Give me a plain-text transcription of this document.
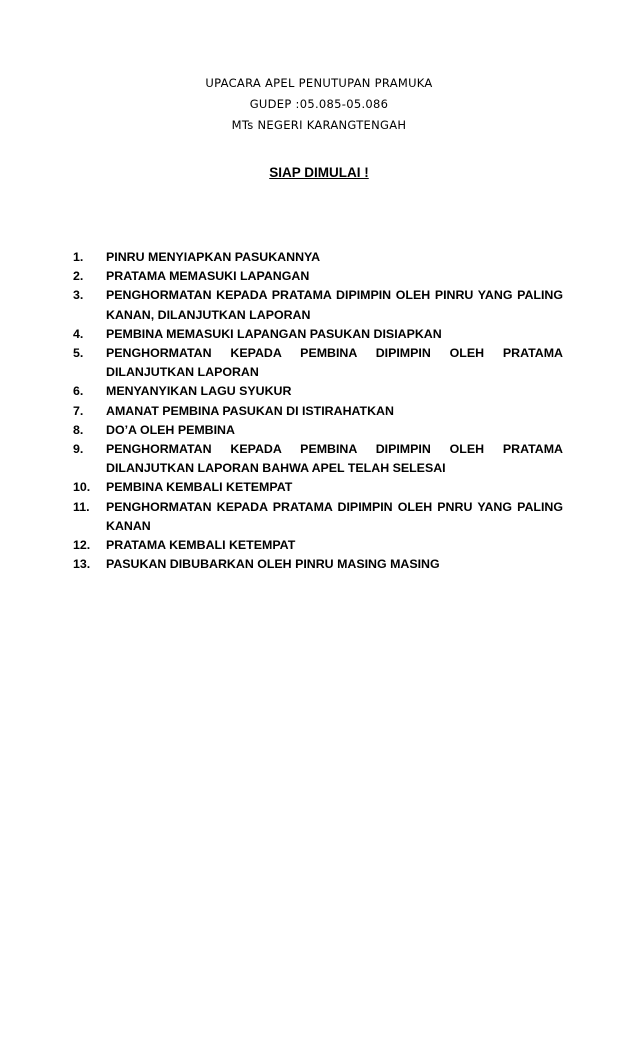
UPACARA APEL PENUTUPAN PRAMUKA
GUDEP :05.085-05.086
MTs NEGERI KARANGTENGAH
SIAP DIMULAI !
1.	PINRU MENYIAPKAN PASUKANNYA
2.	PRATAMA MEMASUKI LAPANGAN
3.	PENGHORMATAN KEPADA PRATAMA DIPIMPIN OLEH PINRU YANG PALING
KANAN, DILANJUTKAN LAPORAN
4.	PEMBINA MEMASUKI LAPANGAN PASUKAN DISIAPKAN
5.	PENGHORMATAN KEPADA PEMBINA DIPIMPIN OLEH PRATAMA
DILANJUTKAN LAPORAN
6.	MENYANYIKAN LAGU SYUKUR
7.	AMANAT PEMBINA PASUKAN DI ISTIRAHATKAN
8.	DO’A OLEH PEMBINA
9.	PENGHORMATAN KEPADA PEMBINA DIPIMPIN OLEH PRATAMA
DILANJUTKAN LAPORAN BAHWA APEL TELAH SELESAI
10.	PEMBINA KEMBALI KETEMPAT
11.	PENGHORMATAN KEPADA PRATAMA DIPIMPIN OLEH PNRU YANG PALING
KANAN
12.	PRATAMA KEMBALI KETEMPAT
13.	PASUKAN DIBUBARKAN OLEH PINRU MASING MASING
